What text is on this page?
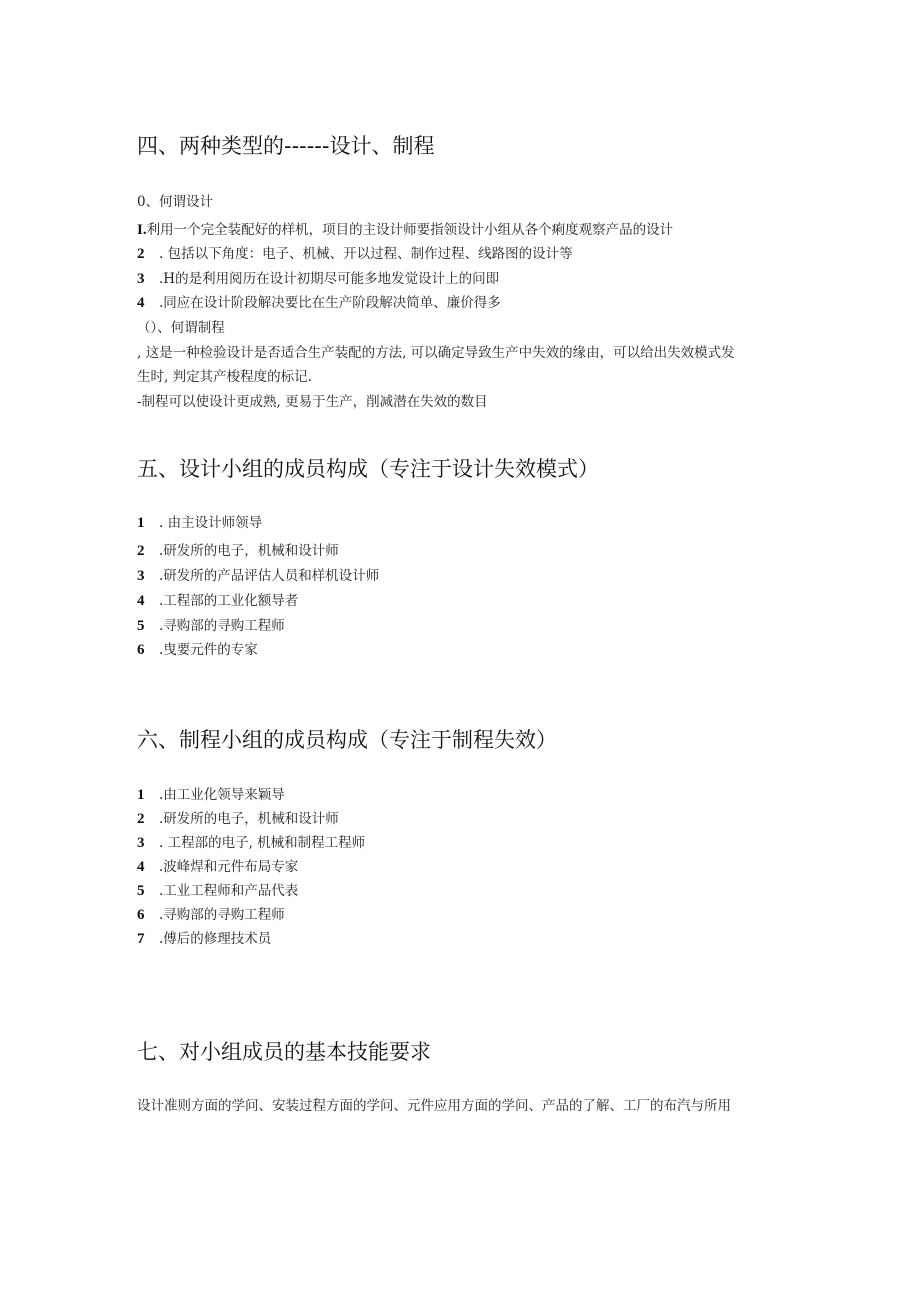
四、两种类型的------设计、制程
0、何谓设计
I.利用一个完全装配好的样机，项目的主设计师要指领设计小组从各个痢度观察产品的设计
2 . 包括以下角度：电子、机械、开以过程、制作过程、线路图的设计等
3 .H的是利用阅历在设计初期尽可能多地发觉设计上的问即
4 .同应在设计阶段解决要比在生产阶段解决简单、廉价得多
（）、何谓制程
, 这是一种检验设计是否适合生产装配的方法, 可以确定导致生产中失效的缘由，可以给出失效模式发
生时, 判定其产梭程度的标记.
-制程可以使设计更成熟, 更易于生产，削减潜在失效的数目
五、设计小组的成员构成（专注于设计失效模式）
1 . 由主设计师领导
2 .研发所的电子，机械和设计师
3 .研发所的产品评估人员和样机设计师
4 .工程部的工业化额导者
5 .寻购部的寻购工程师
6 .曳要元件的专家
六、制程小组的成员构成（专注于制程失效）
1 .由工业化领导来颖导
2 .研发所的电子，机械和设计师
3 . 工程部的电子, 机械和制程工程师
4 .波峰焊和元件布局专家
5 .工业工程师和产品代表
6 .寻购部的寻购工程师
7 .傅后的修理技术员
七、对小组成员的基本技能要求
设计准则方面的学问、安装过程方面的学问、元件应用方面的学问、产品的了解、工厂的布汽与所用
